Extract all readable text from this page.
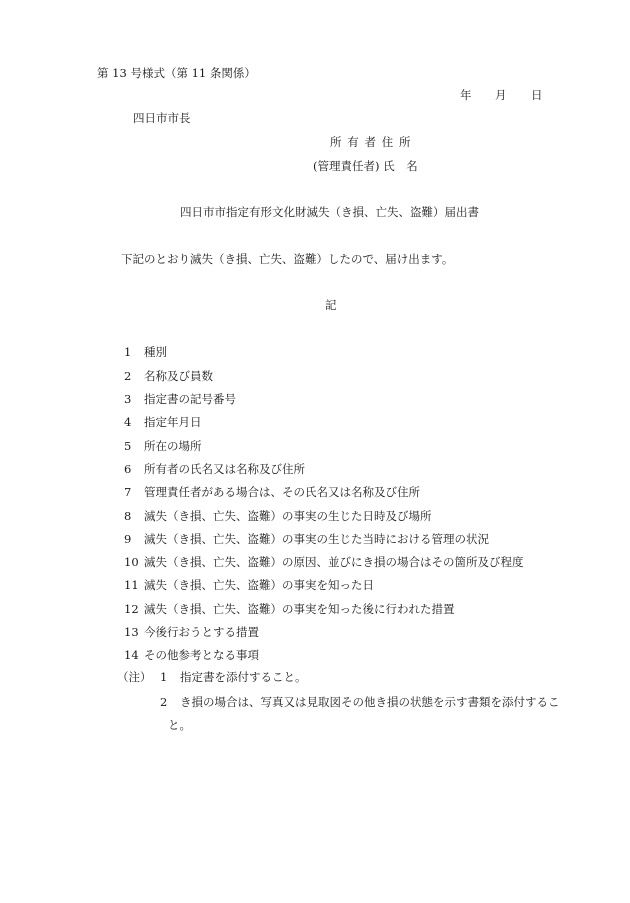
第 13 号様式（第 11 条関係）
年 月 日
四日市市長
所有者住所
(管理責任者) 氏　名
四日市市指定有形文化財滅失（き損、亡失、盗難）届出書
下記のとおり滅失（き損、亡失、盗難）したので、届け出ます。
記
1 種別
2 名称及び員数
3 指定書の記号番号
4 指定年月日
5 所在の場所
6 所有者の氏名又は名称及び住所
7 管理責任者がある場合は、その氏名又は名称及び住所
8 滅失（き損、亡失、盗難）の事実の生じた日時及び場所
9 滅失（き損、亡失、盗難）の事実の生じた当時における管理の状況
10 滅失（き損、亡失、盗難）の原因、並びにき損の場合はその箇所及び程度
11 滅失（き損、亡失、盗難）の事実を知った日
12 滅失（き損、亡失、盗難）の事実を知った後に行われた措置
13 今後行おうとする措置
14 その他参考となる事項
（注） 1 指定書を添付すること。
2 き損の場合は、写真又は見取図その他き損の状態を示す書類を添付するこ
と。
